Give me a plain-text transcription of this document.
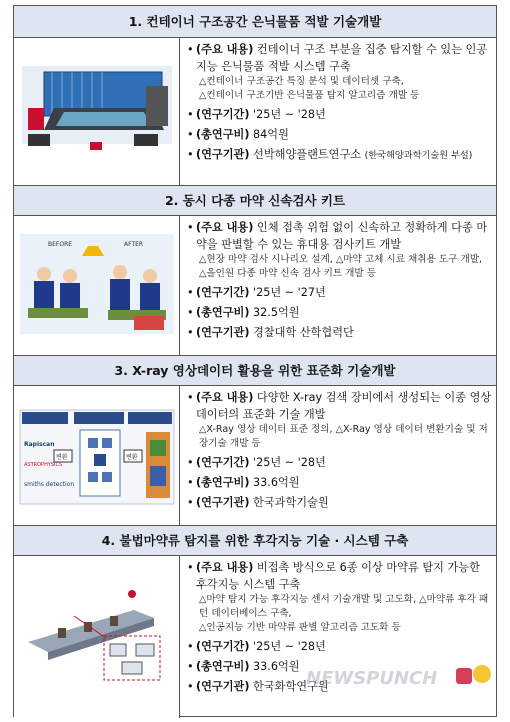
1. 컨테이너 구조공간 은닉물품 적발 기술개발
• (주요 내용) 컨테이너 구조 부분을 집중 탐지할 수 있는 인공지능 은닉물품 적발 시스템 구축
△컨테이너 구조공간 특징 분석 및 데이터셋 구축,
△컨테이너 구조기반 은닉물품 탐지 알고리즘 개발 등
• (연구기간) '25년 ~ '28년
• (총연구비) 84억원
• (연구기관) 선박해양플랜트연구소 (한국해양과학기술원 부설)
2. 동시 다종 마약 신속검사 키트
BEFORE	AFTER
• (주요 내용) 인체 접촉 위험 없이 신속하고 정확하게 다종 마약을 판별할 수 있는 휴대용 검사키트 개발
△현장 마약 검사 시나리오 설계, △마약 고체 시료 채취용 도구 개발, △올인원 다종 마약 신속 검사 키트 개발 등
• (연구기간) '25년 ~ '27년
• (총연구비) 32.5억원
• (연구기관) 경찰대학 산학협력단
3. X-ray 영상데이터 활용을 위한 표준화 기술개발
Rapiscan
ASTROPHYSICS
smiths detection
변환	변환
• (주요 내용) 다양한 X-ray 검색 장비에서 생성되는 이종 영상 데이터의 표준화 기술 개발
△X-Ray 영상 데이터 표준 정의, △X-Ray 영상 데이터 변환기술 및 저장기술 개발 등
• (연구기간) '25년 ~ '28년
• (총연구비) 33.6억원
• (연구기관) 한국과학기술원
4. 불법마약류 탐지를 위한 후각지능 기술 · 시스템 구축
• (주요 내용) 비접촉 방식으로 6종 이상 마약류 탐지 가능한 후각지능 시스템 구축
△마약 탐지 가능 후각지능 센서 기술개발 및 고도화, △마약류 후각 패턴 데이터베이스 구축,
△인공지능 기반 마약류 판별 알고리즘 고도화 등
• (연구기간) '25년 ~ '28년
• (총연구비) 33.6억원
• (연구기관) 한국화학연구원
NEWSPUNCH
